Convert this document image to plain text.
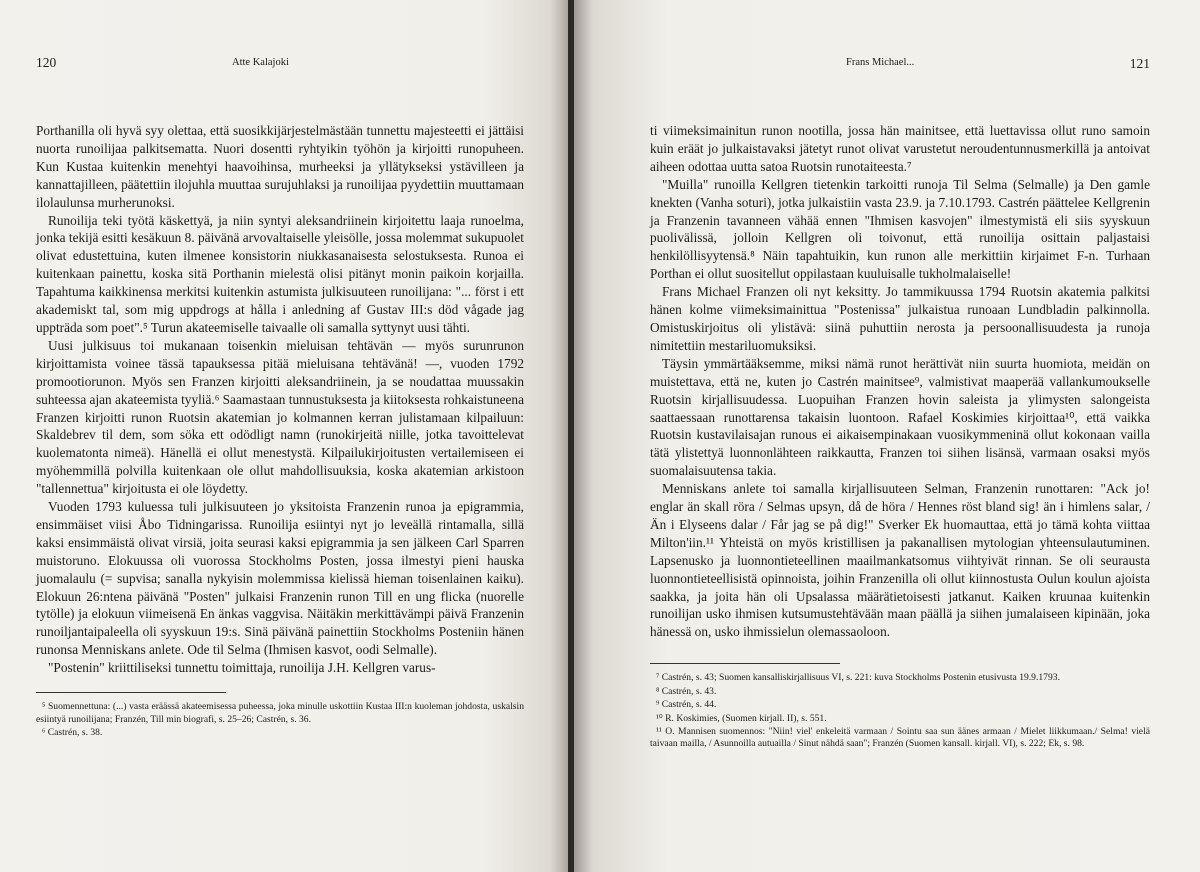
120	Atte Kalajoki

Porthanilla oli hyvä syy olettaa, että suosikkijärjestelmästään tunnettu majesteetti ei jättäisi nuorta runoilijaa palkitsematta. Nuori dosentti ryhtyikin työhön ja kirjoitti runopuheen. Kun Kustaa kuitenkin menehtyi haavoihinsa, murheeksi ja yllätykseksi ystävilleen ja kannattajilleen, päätettiin ilojuhla muuttaa surujuhlaksi ja runoilijaa pyydettiin muuttamaan ilolaulunsa murherunoksi.

Runoilija teki työtä käskettyä, ja niin syntyi aleksandriinein kirjoitettu laaja runoelma, jonka tekijä esitti kesäkuun 8. päivänä arvovaltaiselle yleisölle, jossa molemmat sukupuolet olivat edustettuina, kuten ilmenee konsistorin niukkasanaisesta selostuksesta. Runoa ei kuitenkaan painettu, koska sitä Porthanin mielestä olisi pitänyt monin paikoin korjailla. Tapahtuma kaikkinensa merkitsi kuitenkin astumista julkisuuteen runoilijana: "... först i ett akademiskt tal, som mig uppdrogs at hålla i anledning af Gustav III:s död vågade jag uppträda som poet".⁵ Turun akateemiselle taivaalle oli samalla syttynyt uusi tähti.

Uusi julkisuus toi mukanaan toisenkin mieluisan tehtävän — myös surunrunon kirjoittamista voinee tässä tapauksessa pitää mieluisana tehtävänä! —, vuoden 1792 promootiorunon. Myös sen Franzen kirjoitti aleksandriinein, ja se noudattaa muussakin suhteessa ajan akateemista tyyliä.⁶ Saamastaan tunnustuksesta ja kiitoksesta rohkaistuneena Franzen kirjoitti runon Ruotsin akatemian jo kolmannen kerran julistamaan kilpailuun: Skaldebrev til dem, som söka ett odödligt namn (runokirjeitä niille, jotka tavoittelevat kuolematonta nimeä). Hänellä ei ollut menestystä. Kilpailukirjoitusten vertailemiseen ei myöhemmillä polvilla kuitenkaan ole ollut mahdollisuuksia, koska akatemian arkistoon "tallennettua" kirjoitusta ei ole löydetty.

Vuoden 1793 kuluessa tuli julkisuuteen jo yksitoista Franzenin runoa ja epigrammia, ensimmäiset viisi Åbo Tidningarissa. Runoilija esiintyi nyt jo leveällä rintamalla, sillä kaksi ensimmäistä olivat virsiä, joita seurasi kaksi epigrammia ja sen jälkeen Carl Sparren muistoruno. Elokuussa oli vuorossa Stockholms Posten, jossa ilmestyi pieni hauska juomalaulu (= supvisa; sanalla nykyisin molemmissa kielissä hieman toisenlainen kaiku). Elokuun 26:ntena päivänä "Posten" julkaisi Franzenin runon Till en ung flicka (nuorelle tytölle) ja elokuun viimeisenä En änkas vaggvisa. Näitäkin merkittävämpi päivä Franzenin runoiljantaipaleella oli syyskuun 19:s. Sinä päivänä painettiin Stockholms Posteniin hänen runonsa Menniskans anlete. Ode til Selma (Ihmisen kasvot, oodi Selmalle).

"Postenin" kriittiliseksi tunnettu toimittaja, runoilija J.H. Kellgren varus-

⁵ Suomennettuna: (...) vasta eräässä akateemisessa puheessa, joka minulle uskottiin Kustaa III:n kuoleman johdosta, uskalsin esiintyä runoilijana; Franzén, Till min biografi, s. 25–26; Castrén, s. 36.

⁶ Castrén, s. 38.

Frans Michael...	121

ti viimeksimainitun runon nootilla, jossa hän mainitsee, että luettavissa ollut runo samoin kuin eräät jo julkaistavaksi jätetyt runot olivat varustetut neroudentunnusmerkillä ja antoivat aiheen odottaa uutta satoa Ruotsin runotaiteesta.⁷

"Muilla" runoilla Kellgren tietenkin tarkoitti runoja Til Selma (Selmalle) ja Den gamle knekten (Vanha soturi), jotka julkaistiin vasta 23.9. ja 7.10.1793. Castrén päättelee Kellgrenin ja Franzenin tavanneen vähää ennen "Ihmisen kasvojen" ilmestymistä eli siis syyskuun puolivälissä, jolloin Kellgren oli toivonut, että runoilija osittain paljastaisi henkilöllisyytensä.⁸ Näin tapahtuikin, kun runon alle merkittiin kirjaimet F-n. Turhaan Porthan ei ollut suositellut oppilastaan kuuluisalle tukholmalaiselle!

Frans Michael Franzen oli nyt keksitty. Jo tammikuussa 1794 Ruotsin akatemia palkitsi hänen kolme viimeksimainittua "Postenissa" julkaistua runoaan Lundbladin palkinnolla. Omistuskirjoitus oli ylistävä: siinä puhuttiin nerosta ja persoonallisuudesta ja runoja nimitettiin mestariluomuksiksi.

Täysin ymmärtääksemme, miksi nämä runot herättivät niin suurta huomiota, meidän on muistettava, että ne, kuten jo Castrén mainitsee⁹, valmistivat maaperää vallankumoukselle Ruotsin kirjallisuudessa. Luopuihan Franzen hovin saleista ja ylimysten salongeista saattaessaan runottarensa takaisin luontoon. Rafael Koskimies kirjoittaa¹⁰, että vaikka Ruotsin kustavilaisajan runous ei aikaisempinakaan vuosikymmeninä ollut kokonaan vailla tätä ylistettyä luonnonlähteen raikkautta, Franzen toi siihen lisänsä, varmaan osaksi myös suomalaisuutensa takia.

Menniskans anlete toi samalla kirjallisuuteen Selman, Franzenin runottaren: "Ack jo! englar än skall röra / Selmas upsyn, då de höra / Hennes röst bland sig! än i himlens salar, / Än i Elyseens dalar / Får jag se på dig!" Sverker Ek huomauttaa, että jo tämä kohta viittaa Milton'iin.¹¹ Yhteistä on myös kristillisen ja pakanallisen mytologian yhteensulautuminen. Lapsenusko ja luonnontieteellinen maailmankatsomus viihtyivät rinnan. Se oli seurausta luonnontieteellisistä opinnoista, joihin Franzenilla oli ollut kiinnostusta Oulun koulun ajoista saakka, ja joita hän oli Upsalassa määrätietoisesti jatkanut. Kaiken kruunaa kuitenkin runoilijan usko ihmisen kutsumustehtävään maan päällä ja siihen jumalaiseen kipinään, joka hänessä on, usko ihmissielun olemassaoloon.

⁷ Castrén, s. 43; Suomen kansalliskirjallisuus VI, s. 221: kuva Stockholms Postenin etusivusta 19.9.1793.

⁸ Castrén, s. 43.

⁹ Castrén, s. 44.

¹⁰ R. Koskimies, (Suomen kirjall. II), s. 551.

¹¹ O. Mannisen suomennos: "Niin! viel' enkeleitä varmaan / Sointu saa sun äänes armaan / Mielet liikkumaan./ Selma! vielä taivaan mailla, / Asunnoilla autuailla / Sinut nähdä saan"; Franzén (Suomen kansall. kirjall. VI), s. 222; Ek, s. 98.
